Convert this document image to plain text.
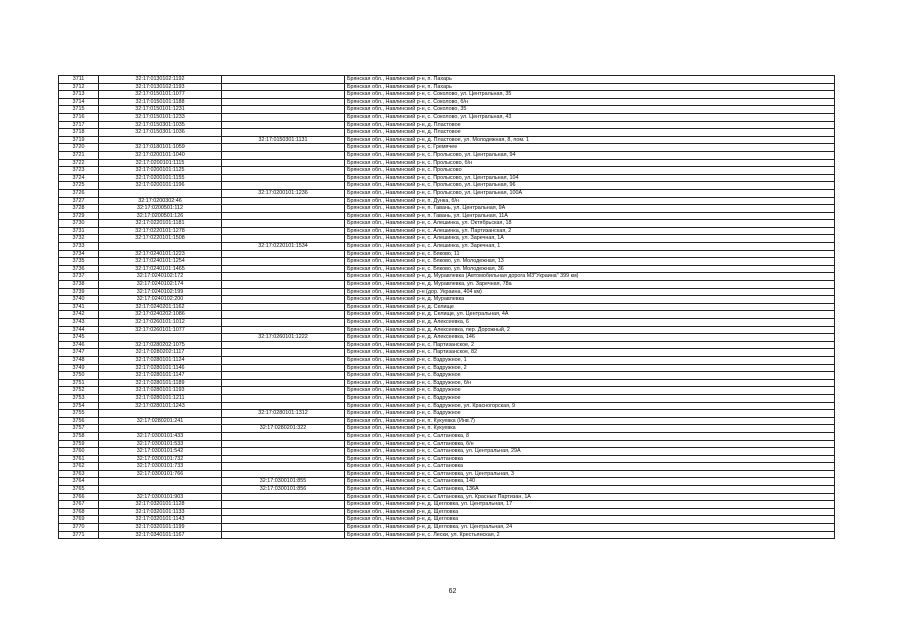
3711	32:17:0130102:1192		Брянская обл., Навлинский р-н, п. Пахарь
3712	32:17:0130102:1193		Брянская обл., Навлинский р-н, п. Пахарь
3713	32:17:0150101:1077		Брянская обл., Навлинский р-н, с. Соколово, ул. Центральная, 35
3714	32:17:0150101:1188		Брянская обл., Навлинский р-н, с. Соколово, б/н
3715	32:17:0150101:1231		Брянская обл., Навлинский р-н, с. Соколово, 35
3716	32:17:0150101:1233		Брянская обл., Навлинский р-н, с. Соколово, ул. Центральная, 43
3717	32:17:0150301:1035		Брянская обл., Навлинский р-н, д. Пластовое
3718	32:17:0150301:1036		Брянская обл., Навлинский р-н, д. Пластовое
3719		32:17:0150301:1131	Брянская обл., Навлинский р-н, д. Пластовое, ул. Молодежная, 8, пом. 1
3720	32:17:0180101:1059		Брянская обл., Навлинский р-н, с. Гремячее
3721	32:17:0200101:1040		Брянская обл., Навлинский р-н, с. Пролысово, ул. Центральная, 94
3722	32:17:0200101:1115		Брянская обл., Навлинский р-н, с. Пролысово, б/н
3723	32:17:0200101:1125		Брянская обл., Навлинский р-н, с. Пролысово
3724	32:17:0200101:1155		Брянская обл., Навлинский р-н, с. Пролысово, ул. Центральная, 104
3725	32:17:0200101:1196		Брянская обл., Навлинский р-н, с. Пролысово, ул. Центральная, 96
3726		32:17:0200101:1236	Брянская обл., Навлинский р-н, с. Пролысово, ул. Центральная, 100А
3727	32:17:0200302:46		Брянская обл., Навлинский р-н, п. Дунка, б/н
3728	32:17:0200501:112		Брянская обл., Навлинский р-н, п. Гавань, ул. Центральная, 9А
3729	32:17:0200501:126		Брянская обл., Навлинский р-н, п. Гавань, ул. Центральная, 11А
3730	32:17:0220101:1181		Брянская обл., Навлинский р-н, с. Алешинка, ул. Октябрьская, 18
3731	32:17:0220101:1278		Брянская обл., Навлинский р-н, с. Алешинка, ул. Партизанская, 2
3732	32:17:0220101:1508		Брянская обл., Навлинский р-н, с. Алешинка, ул. Заречная, 1А
3733		32:17:0220101:1534	Брянская обл., Навлинский р-н, с. Алешинка, ул. Заречная, 1
3734	32:17:0240101:1223		Брянская обл., Навлинский р-н, с. Бяково, 11
3735	32:17:0240101:1254		Брянская обл., Навлинский р-н, с. Бяково, ул. Молодежная, 13
3736	32:17:0240101:1465		Брянская обл., Навлинский р-н, с. Бяково, ул. Молодежная, 36
3737	32:17:0240102:172		Брянская обл., Навлинский р-н, д. Муравлевка (Автомобильная дорога М3"Украина" 399 км)
3738	32:17:0240102:174		Брянская обл., Навлинский р-н, д. Муравлевка, ул. Заречная, 78а
3739	32:17:0240102:199		Брянская обл., Навлинский р-н (дор. Украина, 404 км)
3740	32:17:0240102:200		Брянская обл., Навлинский р-н, д. Муравлевка
3741	32:17:0240201:1162		Брянская обл., Навлинский р-н, д. Селище
3742	32:17:0240202:1086		Брянская обл., Навлинский р-н, д. Селище, ул. Центральная, 4А
3743	32:17:0260101:1012		Брянская обл., Навлинский р-н, д. Алексеевка, 6
3744	32:17:0260101:1077		Брянская обл., Навлинский р-н, д. Алексеевка, пер. Дорожный, 2
3745		32:17:0260101:1222	Брянская обл., Навлинский р-н, д. Алексеевка, 146
3746	32:17:0280202:1075		Брянская обл., Навлинский р-н, с. Партизанское, 2
3747	32:17:0280202:1117		Брянская обл., Навлинский р-н, с. Партизанское, 82
3748	32:17:0280101:1124		Брянская обл., Навлинский р-н, с. Вздружное, 1
3749	32:17:0280101:1146		Брянская обл., Навлинский р-н, с. Вздружное, 2
3750	32:17:0280101:1147		Брянская обл., Навлинский р-н, с. Вздружное
3751	32:17:0280101:1189		Брянская обл., Навлинский р-н, с. Вздружное, б/н
3752	32:17:0280101:1193		Брянская обл., Навлинский р-н, с. Вздружное
3753	32:17:0280101:1211		Брянская обл., Навлинский р-н, с. Вздружное
3754	32:17:0280101:1243		Брянская обл., Навлинский р-н, с. Вздружное, ул. Красногорская, 9
3755		32:17:0280101:1312	Брянская обл., Навлинский р-н, с. Вздружное
3756	32:17:0280201:241		Брянская обл., Навлинский р-н, п. Кукуевка (Инв.7)
3757		32:17:0280201:322	Брянская обл., Навлинский р-н, п. Кукуевка
3758	32:17:0300101:433		Брянская обл., Навлинский р-н, с. Салтановка, 8
3759	32:17:0300101:533		Брянская обл., Навлинский р-н, с. Салтановка, б/н
3760	32:17:0300101:542		Брянская обл., Навлинский р-н, с. Салтановка, ул. Центральная, 29А
3761	32:17:0300101:732		Брянская обл., Навлинский р-н, с. Салтановка
3762	32:17:0300101:733		Брянская обл., Навлинский р-н, с. Салтановка
3763	32:17:0300101:766		Брянская обл., Навлинский р-н, с. Салтановка, ул. Центральная, 3
3764		32:17:0300101:855	Брянская обл., Навлинский р-н, с. Салтановка, 140
3765		32:17:0300101:856	Брянская обл., Навлинский р-н, с. Салтановка, 136А
3766	32:17:0300101:903		Брянская обл., Навлинский р-н, с. Салтановка, ул. Красных Партизан, 1А
3767	32:17:0320101:1128		Брянская обл., Навлинский р-н, д. Щегловка, ул. Центральная, 17
3768	32:17:0320101:1133		Брянская обл., Навлинский р-н, д. Щегловка
3769	32:17:0320101:1143		Брянская обл., Навлинский р-н, д. Щегловка
3770	32:17:0320101:1199		Брянская обл., Навлинский р-н, д. Щегловка, ул. Центральная, 24
3771	32:17:0340101:1167		Брянская обл., Навлинский р-н, с. Лески, ул. Крестьянская, 2
62
